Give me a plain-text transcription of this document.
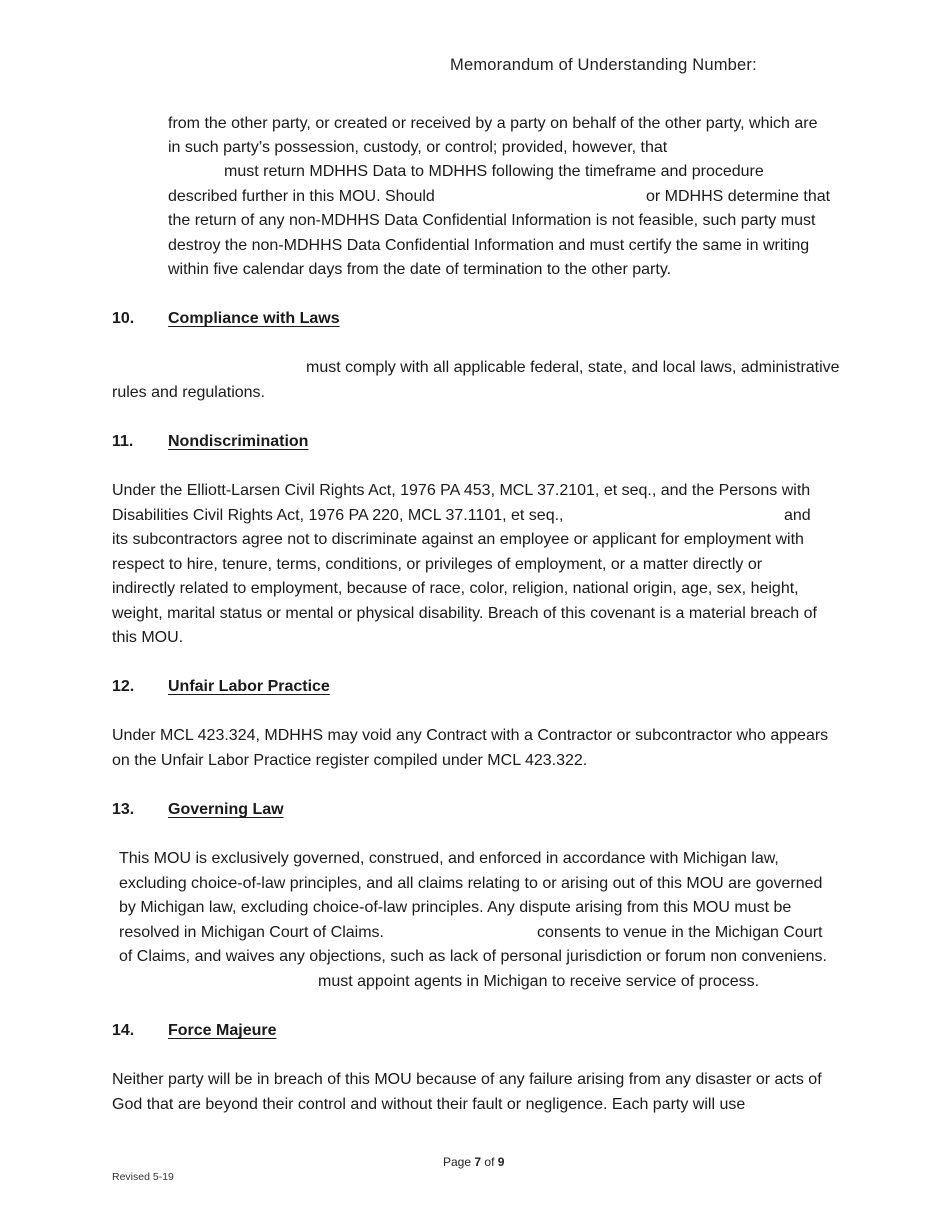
Memorandum of Understanding Number:
from the other party, or created or received by a party on behalf of the other party, which are
in such party’s possession, custody, or control; provided, however, that
must return MDHHS Data to MDHHS following the timeframe and procedure
described further in this MOU. Should	or MDHHS determine that
the return of any non-MDHHS Data Confidential Information is not feasible, such party must
destroy the non-MDHHS Data Confidential Information and must certify the same in writing
within five calendar days from the date of termination to the other party.
10. Compliance with Laws
must comply with all applicable federal, state, and local laws, administrative
rules and regulations.
11. Nondiscrimination
Under the Elliott-Larsen Civil Rights Act, 1976 PA 453, MCL 37.2101, et seq., and the Persons with
Disabilities Civil Rights Act, 1976 PA 220, MCL 37.1101, et seq.,	and
its subcontractors agree not to discriminate against an employee or applicant for employment with
respect to hire, tenure, terms, conditions, or privileges of employment, or a matter directly or
indirectly related to employment, because of race, color, religion, national origin, age, sex, height,
weight, marital status or mental or physical disability. Breach of this covenant is a material breach of
this MOU.
12. Unfair Labor Practice
Under MCL 423.324, MDHHS may void any Contract with a Contractor or subcontractor who appears
on the Unfair Labor Practice register compiled under MCL 423.322.
13. Governing Law
This MOU is exclusively governed, construed, and enforced in accordance with Michigan law,
excluding choice-of-law principles, and all claims relating to or arising out of this MOU are governed
by Michigan law, excluding choice-of-law principles. Any dispute arising from this MOU must be
resolved in Michigan Court of Claims.	consents to venue in the Michigan Court
of Claims, and waives any objections, such as lack of personal jurisdiction or forum non conveniens.
must appoint agents in Michigan to receive service of process.
14. Force Majeure
Neither party will be in breach of this MOU because of any failure arising from any disaster or acts of
God that are beyond their control and without their fault or negligence. Each party will use
Page 7 of 9
Revised 5-19
